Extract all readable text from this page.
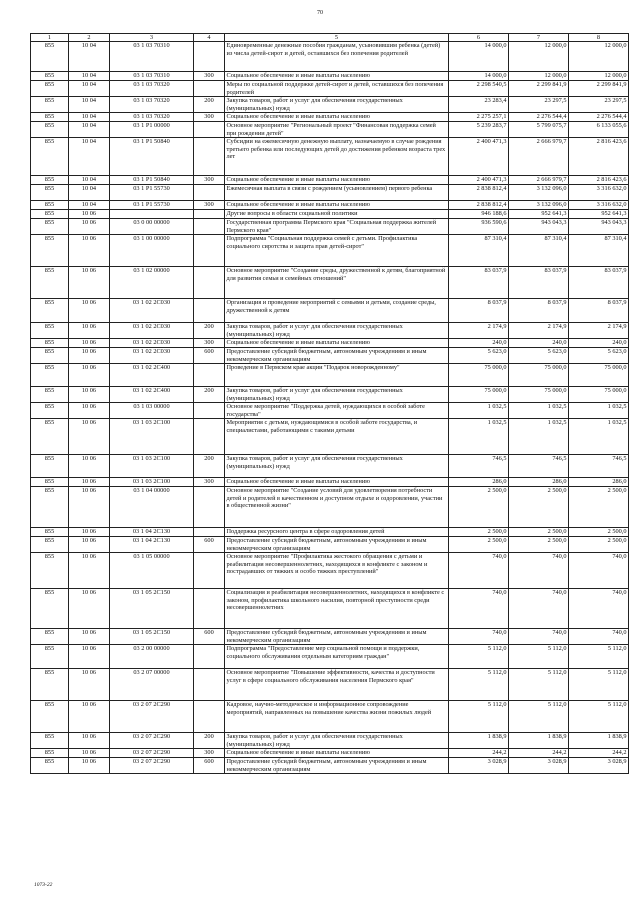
70
1	2	3	4	5	6	7	8
855	10 04	03 1 03 70310		Единовременные денежные пособия гражданам, усыновившим ребенка (детей) из числа детей-сирот и детей, оставшихся без попечения родителей	14 000,0	12 000,0	12 000,0
855	10 04	03 1 03 70310	300	Социальное обеспечение и иные выплаты населению	14 000,0	12 000,0	12 000,0
855	10 04	03 1 03 70320		Меры по социальной поддержке детей-сирот и детей, оставшихся без попечения родителей	2 298 540,5	2 299 841,9	2 299 841,9
855	10 04	03 1 03 70320	200	Закупка товаров, работ и услуг для обеспечения государственных (муниципальных) нужд	23 283,4	23 297,5	23 297,5
855	10 04	03 1 03 70320	300	Социальное обеспечение и иные выплаты населению	2 275 257,1	2 276 544,4	2 276 544,4
855	10 04	03 1 P1 00000		Основное мероприятие "Региональный проект "Финансовая поддержка семей при рождении детей"	5 239 283,7	5 799 075,7	6 133 055,6
855	10 04	03 1 P1 50840		Субсидии на ежемесячную денежную выплату, назначаемую в случае рождения третьего ребенка или последующих детей до достижения ребенком возраста трех лет	2 400 471,3	2 666 979,7	2 816 423,6
855	10 04	03 1 P1 50840	300	Социальное обеспечение и иные выплаты населению	2 400 471,3	2 666 979,7	2 816 423,6
855	10 04	03 1 P1 55730		Ежемесячная выплата в связи с рождением (усыновлением) первого ребенка	2 838 812,4	3 132 096,0	3 316 632,0
855	10 04	03 1 P1 55730	300	Социальное обеспечение и иные выплаты населению	2 838 812,4	3 132 096,0	3 316 632,0
855	10 06			Другие вопросы в области социальной политики	946 188,6	952 641,3	952 641,3
855	10 06	03 0 00 00000		Государственная программа Пермского края "Социальная поддержка жителей Пермского края"	936 590,6	943 043,3	943 043,3
855	10 06	03 1 00 00000		Подпрограмма "Социальная поддержка семей с детьми. Профилактика социального сиротства и защита прав детей-сирот"	87 310,4	87 310,4	87 310,4
855	10 06	03 1 02 00000		Основное мероприятие "Создание среды, дружественной к детям, благоприятной для развития семьи и семейных отношений"	83 037,9	83 037,9	83 037,9
855	10 06	03 1 02 2C030		Организация и проведение мероприятий с семьями и детьми, создание среды, дружественной к детям	8 037,9	8 037,9	8 037,9
855	10 06	03 1 02 2C030	200	Закупка товаров, работ и услуг для обеспечения государственных (муниципальных) нужд	2 174,9	2 174,9	2 174,9
855	10 06	03 1 02 2C030	300	Социальное обеспечение и иные выплаты населению	240,0	240,0	240,0
855	10 06	03 1 02 2C030	600	Предоставление субсидий бюджетным, автономным учреждениям и иным некоммерческим организациям	5 623,0	5 623,0	5 623,0
855	10 06	03 1 02 2C400		Проведение в Пермском крае акции "Подарок новорожденному"	75 000,0	75 000,0	75 000,0
855	10 06	03 1 02 2C400	200	Закупка товаров, работ и услуг для обеспечения государственных (муниципальных) нужд	75 000,0	75 000,0	75 000,0
855	10 06	03 1 03 00000		Основное мероприятие "Поддержка детей, нуждающихся в особой заботе государства"	1 032,5	1 032,5	1 032,5
855	10 06	03 1 03 2C100		Мероприятия с детьми, нуждающимися в особой заботе государства, и специалистами, работающими с такими детьми	1 032,5	1 032,5	1 032,5
855	10 06	03 1 03 2C100	200	Закупка товаров, работ и услуг для обеспечения государственных (муниципальных) нужд	746,5	746,5	746,5
855	10 06	03 1 03 2C100	300	Социальное обеспечение и иные выплаты населению	286,0	286,0	286,0
855	10 06	03 1 04 00000		Основное мероприятие "Создание условий для удовлетворения потребности детей и родителей в качественном и доступном отдыхе и оздоровлении, участии в общественной жизни"	2 500,0	2 500,0	2 500,0
855	10 06	03 1 04 2C130		Поддержка ресурсного центра в сфере оздоровления детей	2 500,0	2 500,0	2 500,0
855	10 06	03 1 04 2C130	600	Предоставление субсидий бюджетным, автономным учреждениям и иным некоммерческим организациям	2 500,0	2 500,0	2 500,0
855	10 06	03 1 05 00000		Основное мероприятие "Профилактика жестокого обращения с детьми и реабилитация несовершеннолетних, находящихся в конфликте с законом и пострадавших от тяжких и особо тяжких преступлений"	740,0	740,0	740,0
855	10 06	03 1 05 2C150		Социализация и реабилитация несовершеннолетних, находящихся в конфликте с законом, профилактика школьного насилия, повторной преступности среди несовершеннолетних	740,0	740,0	740,0
855	10 06	03 1 05 2C150	600	Предоставление субсидий бюджетным, автономным учреждениям и иным некоммерческим организациям	740,0	740,0	740,0
855	10 06	03 2 00 00000		Подпрограмма "Предоставление мер социальной помощи и поддержки, социального обслуживания отдельным категориям граждан"	5 112,0	5 112,0	5 112,0
855	10 06	03 2 07 00000		Основное мероприятие "Повышение эффективности, качества и доступности услуг в сфере социального обслуживания населения Пермского края"	5 112,0	5 112,0	5 112,0
855	10 06	03 2 07 2C290		Кадровое, научно-методическое и информационное сопровождение мероприятий, направленных на повышение качества жизни пожилых людей	5 112,0	5 112,0	5 112,0
855	10 06	03 2 07 2C290	200	Закупка товаров, работ и услуг для обеспечения государственных (муниципальных) нужд	1 838,9	1 838,9	1 838,9
855	10 06	03 2 07 2C290	300	Социальное обеспечение и иные выплаты населению	244,2	244,2	244,2
855	10 06	03 2 07 2C290	600	Предоставление субсидий бюджетным, автономным учреждениям и иным некоммерческим организациям	3 028,9	3 028,9	3 028,9
1073-22
